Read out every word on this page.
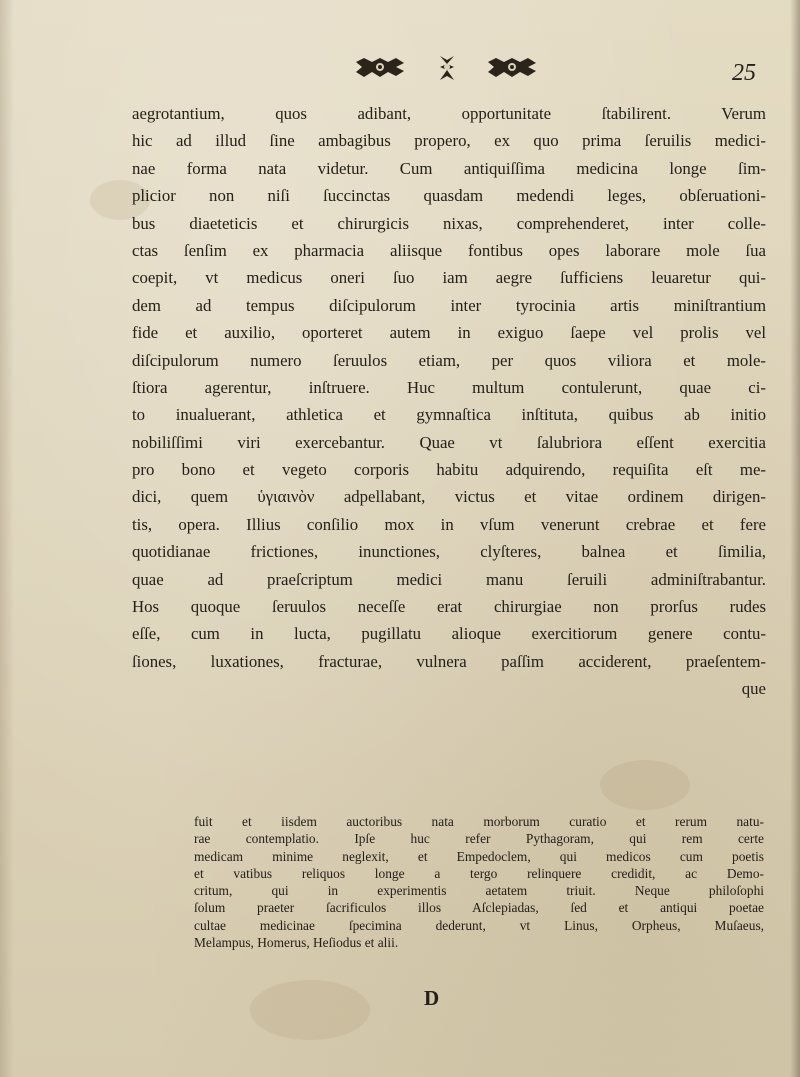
25
aegrotantium, quos adibant, opportunitate ſtabilirent. Verum
hic ad illud ſine ambagibus propero, ex quo prima ſeruilis medici-
nae forma nata videtur. Cum antiquiſſima medicina longe ſim-
plicior non niſi ſuccinctas quasdam medendi leges, obſeruationi-
bus diaeteticis et chirurgicis nixas, comprehenderet, inter colle-
ctas ſenſim ex pharmacia aliisque fontibus opes laborare mole ſua
coepit, vt medicus oneri ſuo iam aegre ſufficiens leuaretur qui-
dem ad tempus diſcipulorum inter tyrocinia artis miniſtrantium
fide et auxilio, oporteret autem in exiguo ſaepe vel prolis vel
diſcipulorum numero ſeruulos etiam, per quos viliora et mole-
ſtiora agerentur, inſtruere. Huc multum contulerunt, quae ci-
to inualuerant, athletica et gymnaſtica inſtituta, quibus ab initio
nobiliſſimi viri exercebantur. Quae vt ſalubriora eſſent exercitia
pro bono et vegeto corporis habitu adquirendo, requiſita eſt me-
dici, quem ὑγιαινὸν adpellabant, victus et vitae ordinem dirigen-
tis, opera. Illius conſilio mox in vſum venerunt crebrae et fere
quotidianae frictiones, inunctiones, clyſteres, balnea et ſimilia,
quae ad praeſcriptum medici manu ſeruili adminiſtrabantur.
Hos quoque ſeruulos neceſſe erat chirurgiae non prorſus rudes
eſſe, cum in lucta, pugillatu alioque exercitiorum genere contu-
ſiones, luxationes, fracturae, vulnera paſſim acciderent, praeſentem-
que
fuit et iisdem auctoribus nata morborum curatio et rerum natu-
rae contemplatio. Ipſe huc refer Pythagoram, qui rem certe
medicam minime neglexit, et Empedoclem, qui medicos cum poetis
et vatibus reliquos longe a tergo relinquere credidit, ac Demo-
critum, qui in experimentis aetatem triuit. Neque philoſophi
ſolum praeter ſacrificulos illos Aſclepiadas, ſed et antiqui poetae
cultae medicinae ſpecimina dederunt, vt Linus, Orpheus, Muſaeus,
Melampus, Homerus, Heſiodus et alii.
D
